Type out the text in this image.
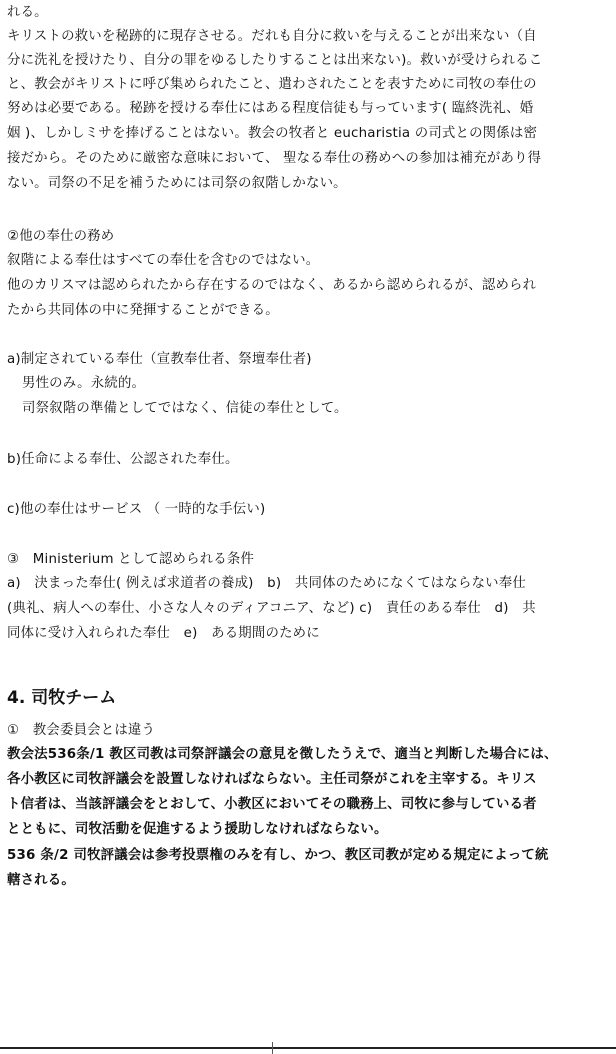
れる。
キリストの救いを秘跡的に現存させる。だれも自分に救いを与えることが出来ない（自
分に洗礼を授けたり、自分の罪をゆるしたりすることは出来ない)。救いが受けられるこ
と、教会がキリストに呼び集められたこと、遣わされたことを表すために司牧の奉仕の
努めは必要である。秘跡を授ける奉仕にはある程度信徒も与っています( 臨終洗礼、婚
姻 )、しかしミサを捧げることはない。教会の牧者と eucharistia の司式との関係は密
接だから。そのために厳密な意味において、 聖なる奉仕の務めへの参加は補充があり得
ない。司祭の不足を補うためには司祭の叙階しかない。
②他の奉仕の務め
叙階による奉仕はすべての奉仕を含むのではない。
他のカリスマは認められたから存在するのではなく、あるから認められるが、認められ
たから共同体の中に発揮することができる。
a)制定されている奉仕（宣教奉仕者、祭壇奉仕者)
男性のみ。永続的。
司祭叙階の準備としてではなく、信徒の奉仕として。
b)任命による奉仕、公認された奉仕。
c)他の奉仕はサービス （ 一時的な手伝い)
③　Ministerium として認められる条件
a)　決まった奉仕( 例えば求道者の養成)　b)　共同体のためになくてはならない奉仕
(典礼、病人への奉仕、小さな人々のディアコニア、など) c)　責任のある奉仕　d)　共
同体に受け入れられた奉仕　e)　ある期間のために
4. 司牧チーム
①　教会委員会とは違う
教会法536条/1 教区司教は司祭評議会の意見を徴したうえで、適当と判断した場合には、
各小教区に司牧評議会を設置しなければならない。主任司祭がこれを主宰する。キリス
ト信者は、当該評議会をとおして、小教区においてその職務上、司牧に参与している者
とともに、司牧活動を促進するよう援助しなければならない。
536 条/2 司牧評議会は参考投票権のみを有し、かつ、教区司教が定める規定によって統
轄される。
